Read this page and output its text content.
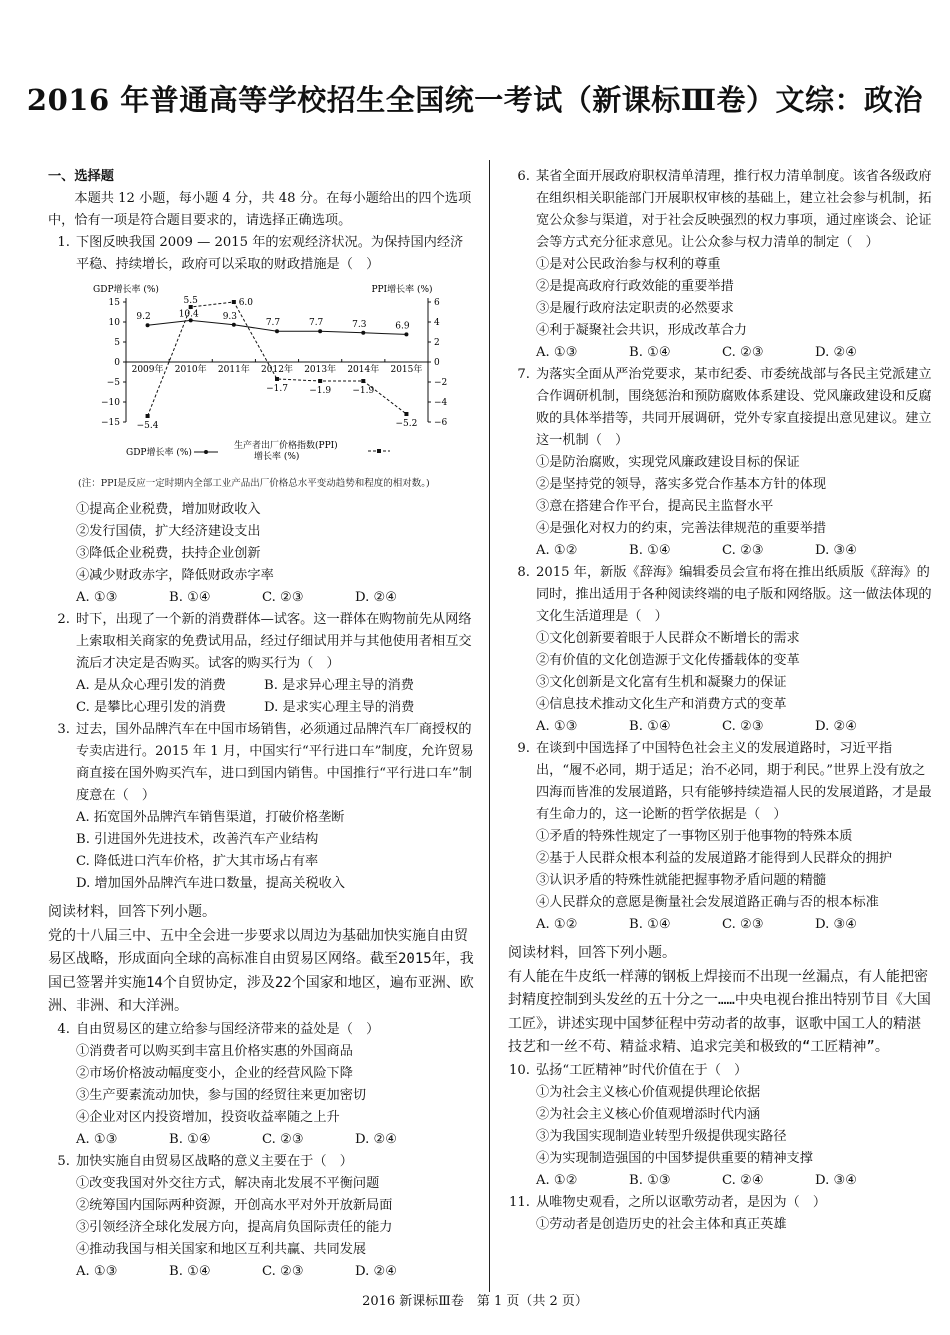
2016 年普通高等学校招生全国统一考试（新课标Ⅲ卷）文综：政治

一、选择题

本题共 12 小题，每小题 4 分，共 48 分。在每小题给出的四个选项中，恰有一项是符合题目要求的，请选择正确选项。

1. 下图反映我国 2009 — 2015 年的宏观经济状况。为保持国内经济平稳、持续增长，政府可以采取的财政措施是（　）
GDP增长率 (%)	PPI增长率 (%)
15
10
5
0
−5
−10
−15
6
4
2
0
−2
−4
−6
2009年 2010年 2011年 2012年 2013年 2014年 2015年
9.2	10.4	9.3
7.7	7.7	7.3	6.9
−5.4
5.5	6.0
−1.7 −1.9 −1.9
−5.2
GDP增长率 (%)
生产者出厂价格指数(PPI)
增长率 (%)

(注：PPI是反应一定时期内全部工业产品出厂价格总水平变动趋势和程度的相对数。)

①提高企业税费，增加财政收入

②发行国债，扩大经济建设支出

③降低企业税费，扶持企业创新

④减少财政赤字，降低财政赤字率

A. ①③	B. ①④	C. ②③	D. ②④

2. 时下，出现了一个新的消费群体—试客。这一群体在购物前先从网络上索取相关商家的免费试用品，经过仔细试用并与其他使用者相互交流后才决定是否购买。试客的购买行为（　）

A. 是从众心理引发的消费	B. 是求异心理主导的消费

C. 是攀比心理引发的消费	D. 是求实心理主导的消费

3. 过去，国外品牌汽车在中国市场销售，必须通过品牌汽车厂商授权的专卖店进行。2015 年 1 月，中国实行“平行进口车”制度，允许贸易商直接在国外购买汽车，进口到国内销售。中国推行“平行进口车”制度意在（　）

A. 拓宽国外品牌汽车销售渠道，打破价格垄断

B. 引进国外先进技术，改善汽车产业结构

C. 降低进口汽车价格，扩大其市场占有率

D. 增加国外品牌汽车进口数量，提高关税收入

阅读材料，回答下列小题。

党的十八届三中、五中全会进一步要求以周边为基础加快实施自由贸易区战略，形成面向全球的高标准自由贸易区网络。截至2015年，我国已签署并实施14个自贸协定，涉及22个国家和地区，遍布亚洲、欧洲、非洲、和大洋洲。

4. 自由贸易区的建立给参与国经济带来的益处是（　）

①消费者可以购买到丰富且价格实惠的外国商品

②市场价格波动幅度变小，企业的经营风险下降

③生产要素流动加快，参与国的经贸往来更加密切

④企业对区内投资增加，投资收益率随之上升

A. ①③	B. ①④	C. ②③	D. ②④

5. 加快实施自由贸易区战略的意义主要在于（　）

①改变我国对外交往方式，解决南北发展不平衡问题

②统筹国内国际两种资源，开创高水平对外开放新局面

③引领经济全球化发展方向，提高肩负国际责任的能力

④推动我国与相关国家和地区互利共赢、共同发展

A. ①③	B. ①④	C. ②③	D. ②④

6. 某省全面开展政府职权清单清理，推行权力清单制度。该省各级政府在组织相关职能部门开展职权审核的基础上，建立社会参与机制，拓宽公众参与渠道，对于社会反映强烈的权力事项，通过座谈会、论证会等方式充分征求意见。让公众参与权力清单的制定（　）

①是对公民政治参与权利的尊重

②是提高政府行政效能的重要举措

③是履行政府法定职责的必然要求

④利于凝聚社会共识，形成改革合力

A. ①③	B. ①④	C. ②③	D. ②④

7. 为落实全面从严治党要求，某市纪委、市委统战部与各民主党派建立合作调研机制，围绕惩治和预防腐败体系建设、党风廉政建设和反腐败的具体举措等，共同开展调研，党外专家直接提出意见建议。建立这一机制（　）

①是防治腐败，实现党风廉政建设目标的保证

②是坚持党的领导，落实多党合作基本方针的体现

③意在搭建合作平台，提高民主监督水平

④是强化对权力的约束，完善法律规范的重要举措

A. ①②	B. ①④	C. ②③	D. ③④

8. 2015 年，新版《辞海》编辑委员会宣布将在推出纸质版《辞海》的同时，推出适用于各种阅读终端的电子版和网络版。这一做法体现的文化生活道理是（　）

①文化创新要着眼于人民群众不断增长的需求

②有价值的文化创造源于文化传播载体的变革

③文化创新是文化富有生机和凝聚力的保证

④信息技术推动文化生产和消费方式的变革

A. ①③	B. ①④	C. ②③	D. ②④

9. 在谈到中国选择了中国特色社会主义的发展道路时，习近平指出，“履不必同，期于适足；治不必同，期于利民。”世界上没有放之四海而皆准的发展道路，只有能够持续造福人民的发展道路，才是最有生命力的，这一论断的哲学依据是（　）

①矛盾的特殊性规定了一事物区别于他事物的特殊本质

②基于人民群众根本利益的发展道路才能得到人民群众的拥护

③认识矛盾的特殊性就能把握事物矛盾问题的精髓

④人民群众的意愿是衡量社会发展道路正确与否的根本标准

A. ①②	B. ①④	C. ②③	D. ③④

阅读材料，回答下列小题。

有人能在牛皮纸一样薄的钢板上焊接而不出现一丝漏点，有人能把密封精度控制到头发丝的五十分之一……中央电视台推出特别节目《大国工匠》，讲述实现中国梦征程中劳动者的故事，讴歌中国工人的精湛技艺和一丝不苟、精益求精、追求完美和极致的“工匠精神”。

10. 弘扬“工匠精神”时代价值在于（　）

①为社会主义核心价值观提供理论依据

②为社会主义核心价值观增添时代内涵

③为我国实现制造业转型升级提供现实路径

④为实现制造强国的中国梦提供重要的精神支撑

A. ①②	B. ①③	C. ②④	D. ③④

11. 从唯物史观看，之所以讴歌劳动者，是因为（　）

①劳动者是创造历史的社会主体和真正英雄

2016 新课标Ⅲ卷　第 1 页（共 2 页）
